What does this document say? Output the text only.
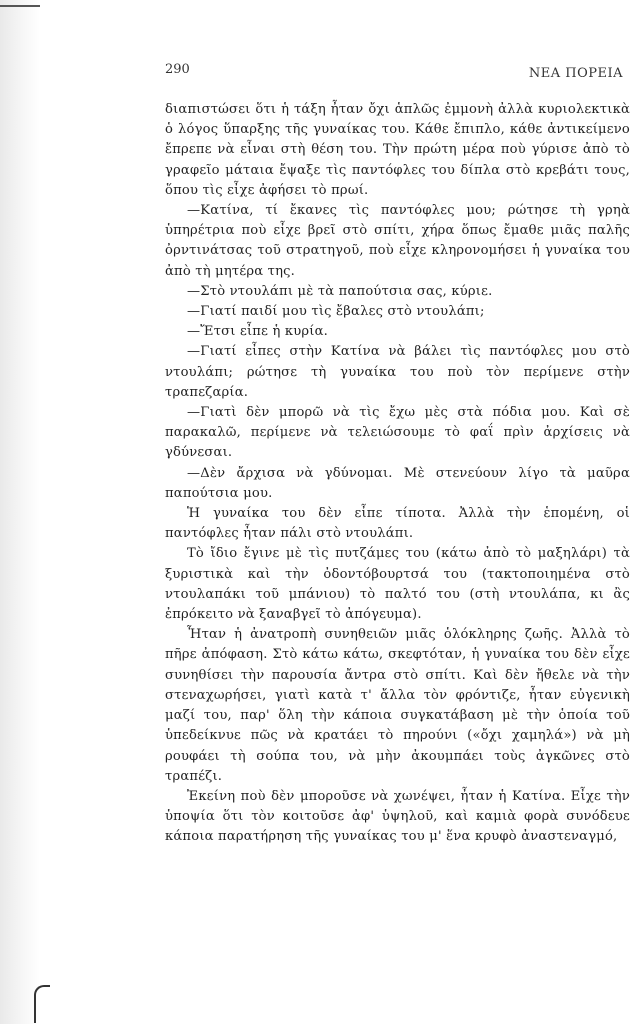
290	ΝΕΑ ΠΟΡΕΙΑ

διαπιστώσει ὅτι ἡ τάξη ἦταν ὄχι ἁπλῶς ἐμμονὴ ἀλλὰ κυριολεκτικὰ ὁ λόγος ὕπαρξης τῆς γυναίκας του. Κάθε ἔπιπλο, κάθε ἀντικείμενο ἔπρεπε νὰ εἶναι στὴ θέση του. Τὴν πρώτη μέρα ποὺ γύρισε ἀπὸ τὸ γραφεῖο μάταια ἔψαξε τὶς παντόφλες του δίπλα στὸ κρεβάτι τους, ὅπου τὶς εἶχε ἀφήσει τὸ πρωί.

—Κατίνα, τί ἔκανες τὶς παντόφλες μου; ρώτησε τὴ γρηὰ ὑπηρέτρια ποὺ εἶχε βρεῖ στὸ σπίτι, χήρα ὅπως ἔμαθε μιᾶς παλῆς ὀρντινάτσας τοῦ στρατηγοῦ, ποὺ εἶχε κληρονομήσει ἡ γυναίκα του ἀπὸ τὴ μητέρα της.

—Στὸ ντουλάπι μὲ τὰ παπούτσια σας, κύριε.

—Γιατί παιδί μου τὶς ἔβαλες στὸ ντουλάπι;

—Ἔτσι εἶπε ἡ κυρία.

—Γιατί εἶπες στὴν Κατίνα νὰ βάλει τὶς παντόφλες μου στὸ ντουλάπι; ρώτησε τὴ γυναίκα του ποὺ τὸν περίμενε στὴν τραπεζαρία.

—Γιατὶ δὲν μπορῶ νὰ τὶς ἔχω μὲς στὰ πόδια μου. Καὶ σὲ παρακαλῶ, περίμενε νὰ τελειώσουμε τὸ φαΐ πρὶν ἀρχίσεις νὰ γδύνεσαι.

—Δὲν ἄρχισα νὰ γδύνομαι. Μὲ στενεύουν λίγο τὰ μαῦρα παπούτσια μου.

Ἡ γυναίκα του δὲν εἶπε τίποτα. Ἀλλὰ τὴν ἑπομένη, οἱ παντόφλες ἦταν πάλι στὸ ντουλάπι.

Τὸ ἴδιο ἔγινε μὲ τὶς πυτζάμες του (κάτω ἀπὸ τὸ μαξηλάρι) τὰ ξυριστικὰ καὶ τὴν ὀδοντόβουρτσά του (τακτοποιημένα στὸ ντουλαπάκι τοῦ μπάνιου) τὸ παλτό του (στὴ ντουλάπα, κι ἂς ἐπρόκειτο νὰ ξαναβγεῖ τὸ ἀπόγευμα).

Ἦταν ἡ ἀνατροπὴ συνηθειῶν μιᾶς ὁλόκληρης ζωῆς. Ἀλλὰ τὸ πῆρε ἀπόφαση. Στὸ κάτω κάτω, σκεφτόταν, ἡ γυναίκα του δὲν εἶχε συνηθίσει τὴν παρουσία ἄντρα στὸ σπίτι. Καὶ δὲν ἤθελε νὰ τὴν στεναχωρήσει, γιατὶ κατὰ τ' ἄλλα τὸν φρόντιζε, ἦταν εὐγενικὴ μαζί του, παρ' ὅλη τὴν κάποια συγκατάβαση μὲ τὴν ὁποία τοῦ ὑπεδείκνυε πῶς νὰ κρατάει τὸ πηρούνι («ὄχι χαμηλά») νὰ μὴ ρουφάει τὴ σούπα του, νὰ μὴν ἀκουμπάει τοὺς ἀγκῶνες στὸ τραπέζι.

Ἐκείνη ποὺ δὲν μποροῦσε νὰ χωνέψει, ἦταν ἡ Κατίνα. Εἶχε τὴν ὑποψία ὅτι τὸν κοιτοῦσε ἀφ' ὑψηλοῦ, καὶ καμιὰ φορὰ συνόδευε κάποια παρατήρηση τῆς γυναίκας του μ' ἕνα κρυφὸ ἀναστεναγμό,
